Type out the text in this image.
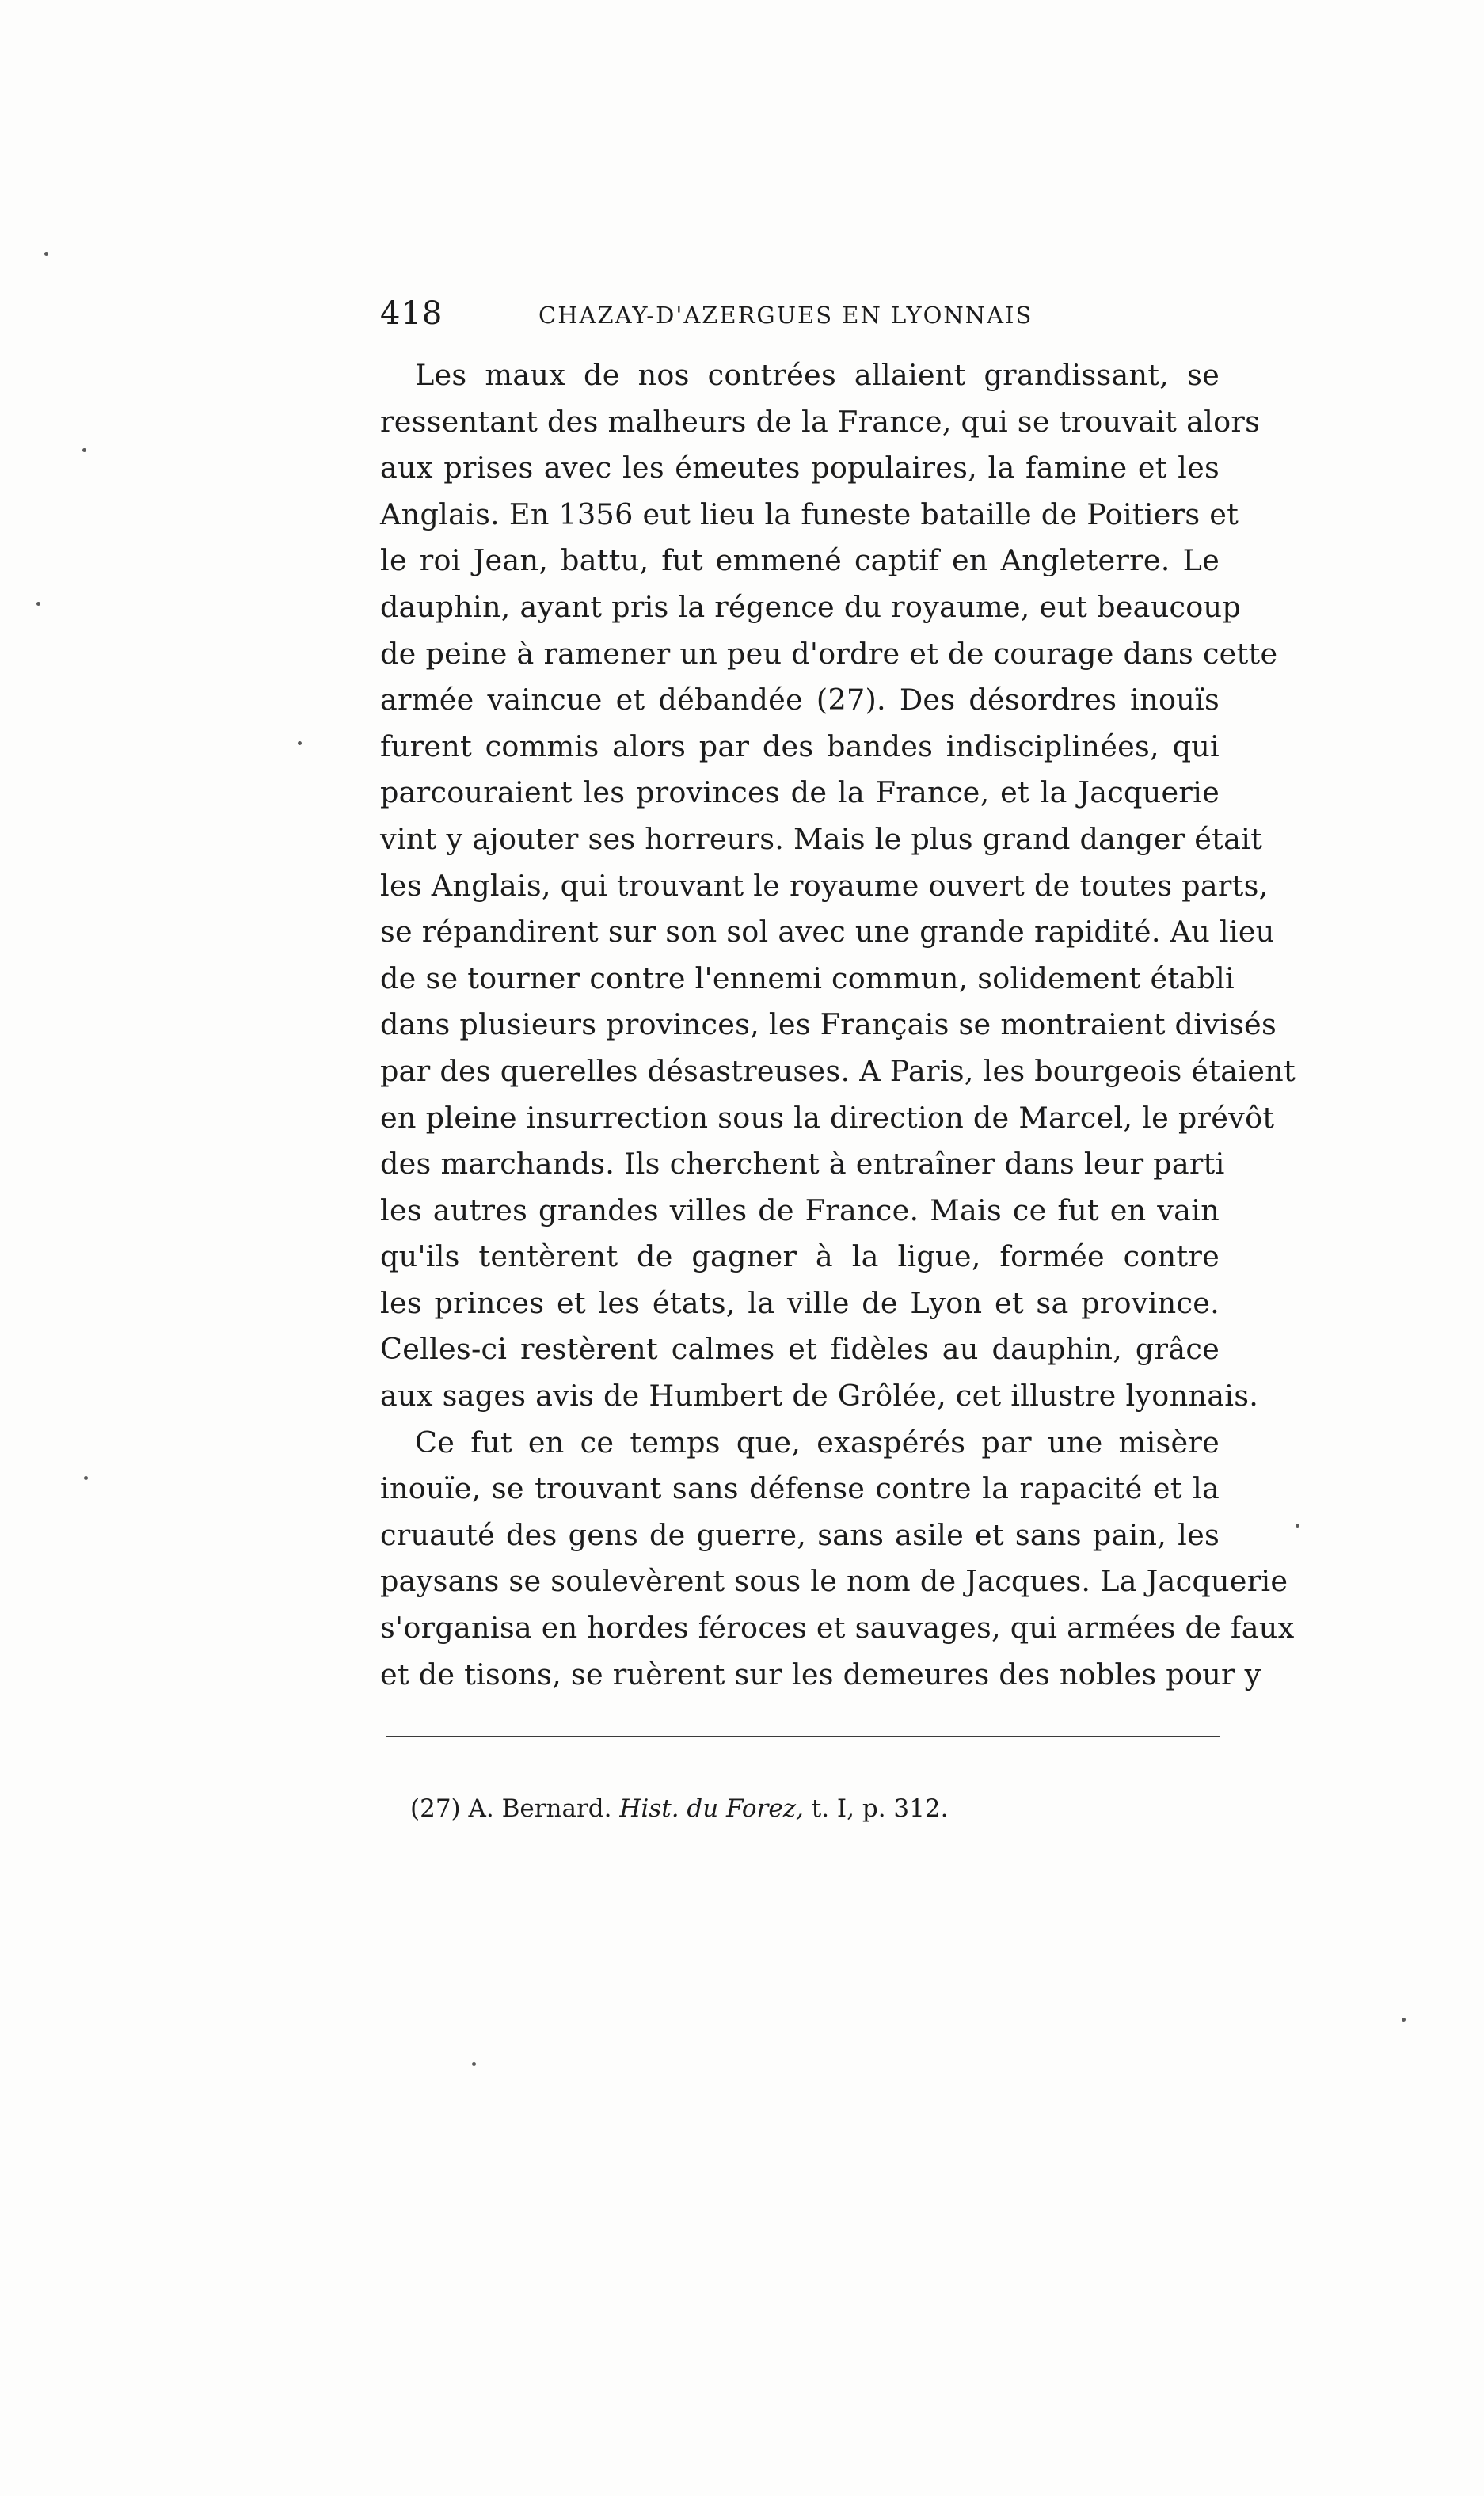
418	CHAZAY-D'AZERGUES EN LYONNAIS
Les maux de nos contrées allaient grandissant, se
ressentant des malheurs de la France, qui se trouvait alors
aux prises avec les émeutes populaires, la famine et les
Anglais. En 1356 eut lieu la funeste bataille de Poitiers et
le roi Jean, battu, fut emmené captif en Angleterre. Le
dauphin, ayant pris la régence du royaume, eut beaucoup
de peine à ramener un peu d'ordre et de courage dans cette
armée vaincue et débandée (27). Des désordres inouïs
furent commis alors par des bandes indisciplinées, qui
parcouraient les provinces de la France, et la Jacquerie
vint y ajouter ses horreurs. Mais le plus grand danger était
les Anglais, qui trouvant le royaume ouvert de toutes parts,
se répandirent sur son sol avec une grande rapidité. Au lieu
de se tourner contre l'ennemi commun, solidement établi
dans plusieurs provinces, les Français se montraient divisés
par des querelles désastreuses. A Paris, les bourgeois étaient
en pleine insurrection sous la direction de Marcel, le prévôt
des marchands. Ils cherchent à entraîner dans leur parti
les autres grandes villes de France. Mais ce fut en vain
qu'ils tentèrent de gagner à la ligue, formée contre
les princes et les états, la ville de Lyon et sa province.
Celles-ci restèrent calmes et fidèles au dauphin, grâce
aux sages avis de Humbert de Grôlée, cet illustre lyonnais.
Ce fut en ce temps que, exaspérés par une misère
inouïe, se trouvant sans défense contre la rapacité et la
cruauté des gens de guerre, sans asile et sans pain, les
paysans se soulevèrent sous le nom de Jacques. La Jacquerie
s'organisa en hordes féroces et sauvages, qui armées de faux
et de tisons, se ruèrent sur les demeures des nobles pour y
(27) A. Bernard. Hist. du Forez, t. I, p. 312.
